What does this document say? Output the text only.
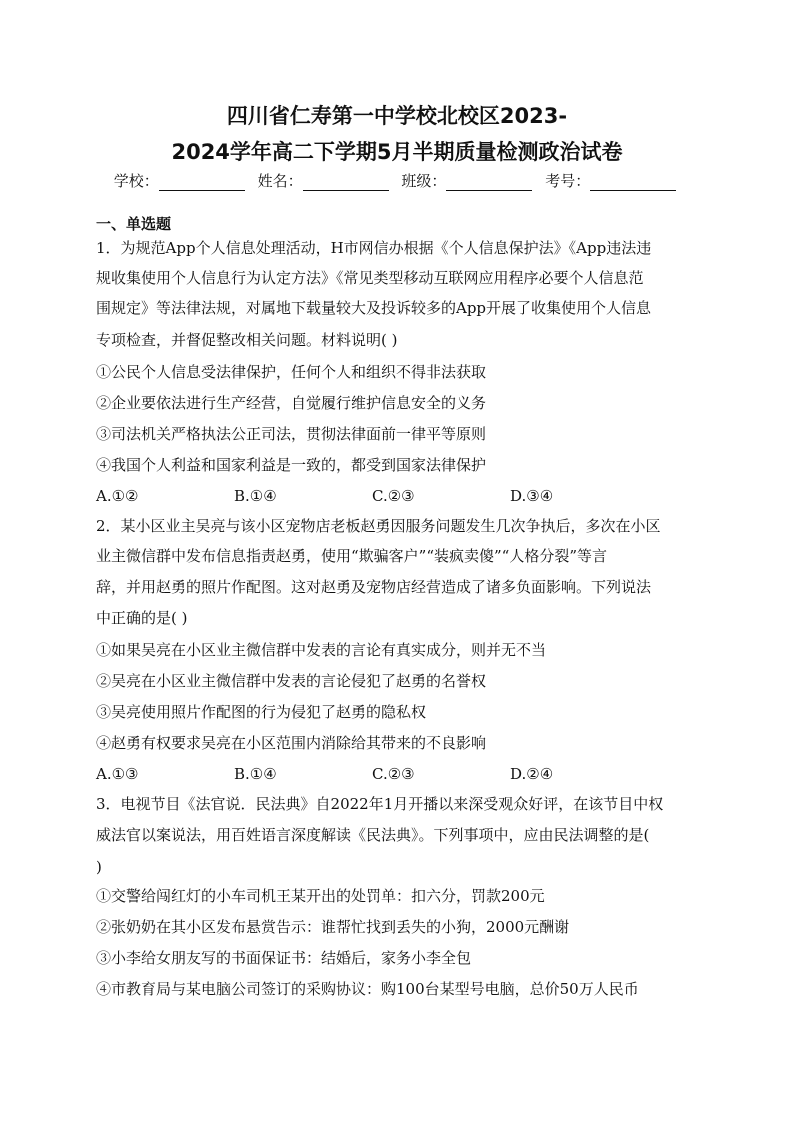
四川省仁寿第一中学校北校区2023-
2024学年高二下学期5月半期质量检测政治试卷
学校：	姓名：	班级：	考号：
一、单选题
1．为规范App个人信息处理活动，H市网信办根据《个人信息保护法》《App违法违
规收集使用个人信息行为认定方法》《常见类型移动互联网应用程序必要个人信息范
围规定》等法律法规，对属地下载量较大及投诉较多的App开展了收集使用个人信息
专项检查，并督促整改相关问题。材料说明( )
①公民个人信息受法律保护，任何个人和组织不得非法获取
②企业要依法进行生产经营，自觉履行维护信息安全的义务
③司法机关严格执法公正司法，贯彻法律面前一律平等原则
④我国个人利益和国家利益是一致的，都受到国家法律保护
A.①②	B.①④	C.②③	D.③④
2．某小区业主吴亮与该小区宠物店老板赵勇因服务问题发生几次争执后，多次在小区
业主微信群中发布信息指责赵勇，使用“欺骗客户”“装疯卖傻”“人格分裂”等言
辞，并用赵勇的照片作配图。这对赵勇及宠物店经营造成了诸多负面影响。下列说法
中正确的是( )
①如果吴亮在小区业主微信群中发表的言论有真实成分，则并无不当
②吴亮在小区业主微信群中发表的言论侵犯了赵勇的名誉权
③吴亮使用照片作配图的行为侵犯了赵勇的隐私权
④赵勇有权要求吴亮在小区范围内消除给其带来的不良影响
A.①③	B.①④	C.②③	D.②④
3．电视节目《法官说．民法典》自2022年1月开播以来深受观众好评，在该节目中权
威法官以案说法，用百姓语言深度解读《民法典》。下列事项中，应由民法调整的是(
)
①交警给闯红灯的小车司机王某开出的处罚单：扣六分，罚款200元
②张奶奶在其小区发布悬赏告示：谁帮忙找到丢失的小狗，2000元酬谢
③小李给女朋友写的书面保证书：结婚后，家务小李全包
④市教育局与某电脑公司签订的采购协议：购100台某型号电脑，总价50万人民币
